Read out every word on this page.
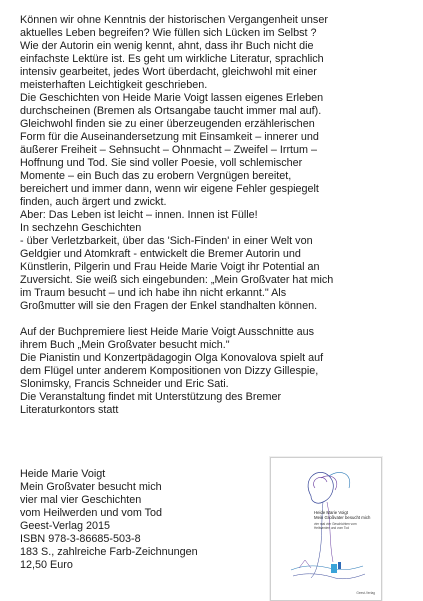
Können wir ohne Kenntnis der historischen Vergangenheit unser

aktuelles Leben begreifen? Wie füllen sich Lücken im Selbst ?

Wie der Autorin ein wenig kennt, ahnt, dass ihr Buch nicht die

einfachste Lektüre ist. Es geht um wirkliche Literatur, sprachlich

intensiv gearbeitet, jedes Wort überdacht, gleichwohl mit einer

meisterhaften Leichtigkeit geschrieben.

Die Geschichten von Heide Marie Voigt lassen eigenes Erleben

durchscheinen (Bremen als Ortsangabe taucht immer mal auf).

Gleichwohl finden sie zu einer überzeugenden erzählerischen

Form für die Auseinandersetzung mit Einsamkeit – innerer und

äußerer Freiheit – Sehnsucht – Ohnmacht – Zweifel – Irrtum –

Hoffnung und Tod. Sie sind voller Poesie, voll schlemischer

Momente – ein Buch das zu erobern Vergnügen bereitet,

bereichert und immer dann, wenn wir eigene Fehler gespiegelt

finden, auch ärgert und zwickt.

Aber: Das Leben ist leicht – innen. Innen ist Fülle!

In sechzehn Geschichten

- über Verletzbarkeit, über das 'Sich-Finden' in einer Welt von

Geldgier und Atomkraft - entwickelt die Bremer Autorin und

Künstlerin, Pilgerin und Frau Heide Marie Voigt ihr Potential an

Zuversicht. Sie weiß sich eingebunden: „Mein Großvater hat mich

im Traum besucht – und ich habe ihn nicht erkannt." Als

Großmutter will sie den Fragen der Enkel standhalten können.

Auf der Buchpremiere liest Heide Marie Voigt Ausschnitte aus

ihrem Buch „Mein Großvater besucht mich."

Die Pianistin und Konzertpädagogin Olga Konovalova spielt auf

dem Flügel unter anderem Kompositionen von Dizzy Gillespie,

Slonimsky, Francis Schneider und Eric Sati.

Die Veranstaltung findet mit Unterstützung des Bremer

Literaturkontors statt

Heide Marie Voigt

Mein Großvater besucht mich

vier mal vier Geschichten

vom Heilwerden und vom Tod

Geest-Verlag 2015

ISBN 978-3-86685-503-8

183 S., zahlreiche Farb-Zeichnungen

12,50 Euro

Heide Marie Voigt
Mein Großvater besucht mich
vier mal vier Geschichten vom Heilwerden und vom Tod
Geest-Verlag
